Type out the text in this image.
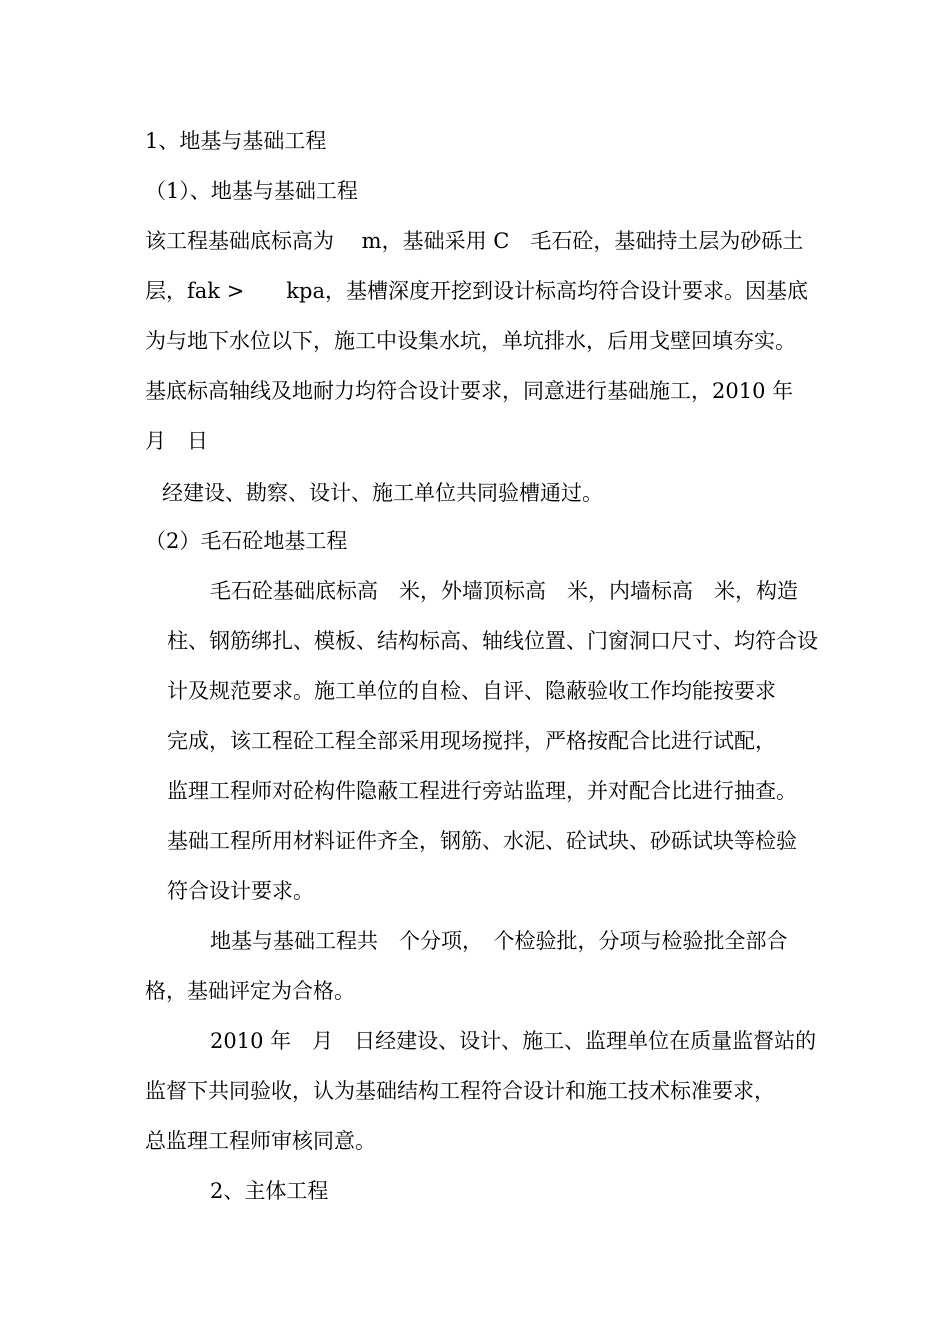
1、地基与基础工程

（1）、地基与基础工程

该工程基础底标高为　 m，基础采用 C　毛石砼，基础持土层为砂砾土

层，fak >　　kpa，基槽深度开挖到设计标高均符合设计要求。因基底

为与地下水位以下，施工中设集水坑，单坑排水，后用戈壁回填夯实。

基底标高轴线及地耐力均符合设计要求，同意进行基础施工，2010 年

月　日

经建设、勘察、设计、施工单位共同验槽通过。

（2）毛石砼地基工程

毛石砼基础底标高　米，外墙顶标高　米，内墙标高　米，构造

柱、钢筋绑扎、模板、结构标高、轴线位置、门窗洞口尺寸、均符合设

计及规范要求。施工单位的自检、自评、隐蔽验收工作均能按要求

完成，该工程砼工程全部采用现场搅拌，严格按配合比进行试配，

监理工程师对砼构件隐蔽工程进行旁站监理，并对配合比进行抽查。

基础工程所用材料证件齐全，钢筋、水泥、砼试块、砂砾试块等检验

符合设计要求。

地基与基础工程共　个分项，　个检验批，分项与检验批全部合

格，基础评定为合格。

2010 年　月　日经建设、设计、施工、监理单位在质量监督站的

监督下共同验收，认为基础结构工程符合设计和施工技术标准要求，

总监理工程师审核同意。

2、主体工程
